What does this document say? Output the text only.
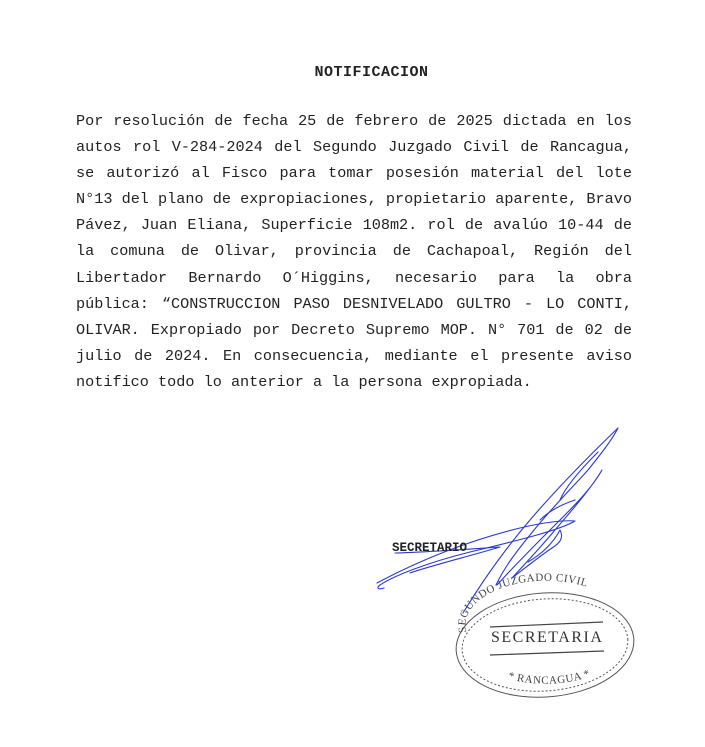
NOTIFICACION

Por resolución de fecha 25 de febrero de 2025 dictada en los autos rol V-284-2024 del Segundo Juzgado Civil de Rancagua, se autorizó al Fisco para tomar posesión material del lote N°13 del plano de expropiaciones, propietario aparente, Bravo Pávez, Juan Eliana, Superficie 108m2. rol de avalúo 10-44 de la comuna de Olivar, provincia de Cachapoal, Región del Libertador Bernardo O´Higgins, necesario para la obra pública: “CONSTRUCCION PASO DESNIVELADO GULTRO - LO CONTI, OLIVAR. Expropiado por Decreto Supremo MOP. N° 701 de 02 de julio de 2024. En consecuencia, mediante el presente aviso notifico todo lo anterior a la persona expropiada.

SEGUNDO JUZGADO CIVIL
* RANCAGUA *
SECRETARIO
SECRETARIA
